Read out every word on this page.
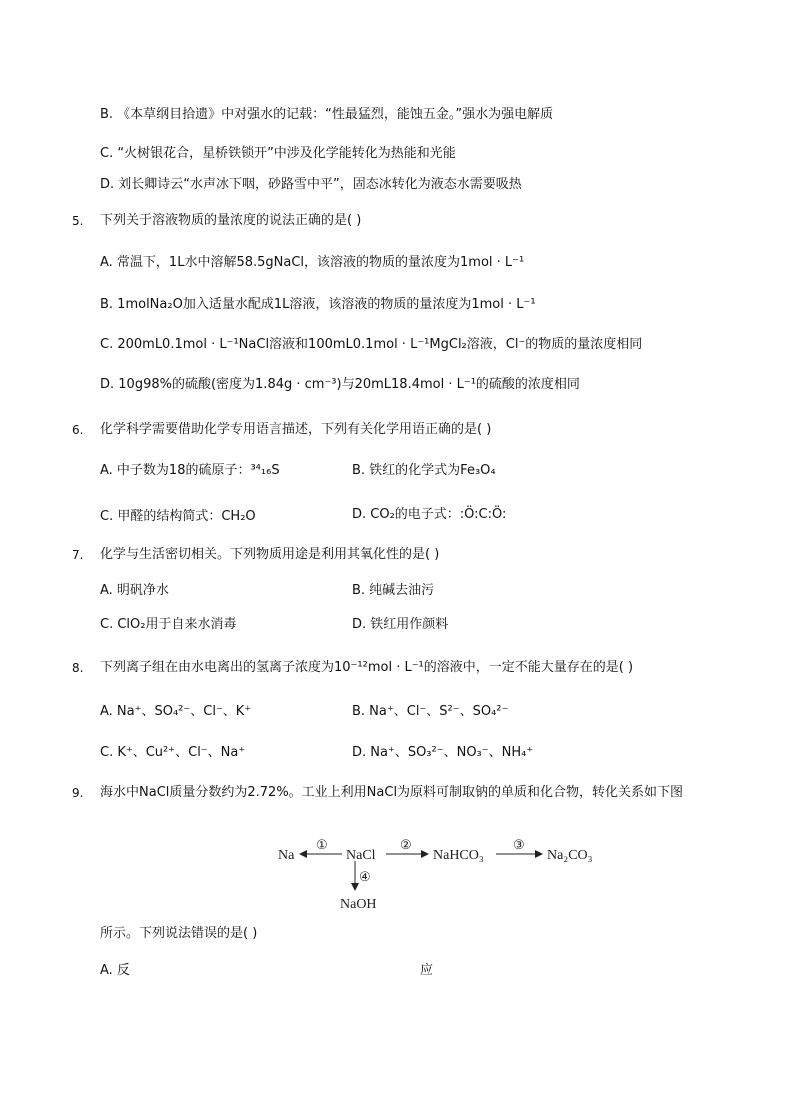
B. 《本草纲目拾遗》中对强水的记载：“性最猛烈，能蚀五金。”强水为强电解质
C. “火树银花合，星桥铁锁开”中涉及化学能转化为热能和光能
D. 刘长卿诗云“水声冰下咽，砂路雪中平”，固态冰转化为液态水需要吸热
5. 下列关于溶液物质的量浓度的说法正确的是( )
A. 常温下，1L水中溶解58.5gNaCl，该溶液的物质的量浓度为1mol · L⁻¹
B. 1molNa₂O加入适量水配成1L溶液，该溶液的物质的量浓度为1mol · L⁻¹
C. 200mL0.1mol · L⁻¹NaCl溶液和100mL0.1mol · L⁻¹MgCl₂溶液，Cl⁻的物质的量浓度相同
D. 10g98%的硫酸(密度为1.84g · cm⁻³)与20mL18.4mol · L⁻¹的硫酸的浓度相同
6. 化学科学需要借助化学专用语言描述，下列有关化学用语正确的是( )
A. 中子数为18的硫原子：³⁴₁₆S	B. 铁红的化学式为Fe₃O₄
C. 甲醛的结构简式：CH₂O	D. CO₂的电子式：:Ö:C:Ö:
7. 化学与生活密切相关。下列物质用途是利用其氧化性的是( )
A. 明矾净水	B. 纯碱去油污
C. ClO₂用于自来水消毒	D. 铁红用作颜料
8. 下列离子组在由水电离出的氢离子浓度为10⁻¹²mol · L⁻¹的溶液中，一定不能大量存在的是( )
A. Na⁺、SO₄²⁻、Cl⁻、K⁺	B. Na⁺、Cl⁻、S²⁻、SO₄²⁻
C. K⁺、Cu²⁺、Cl⁻、Na⁺	D. Na⁺、SO₃²⁻、NO₃⁻、NH₄⁺
9. 海水中NaCl质量分数约为2.72%。工业上利用NaCl为原料可制取钠的单质和化合物，转化关系如下图
Na	NaCl	NaHCO₃	Na₂CO₃
NaOH
①	②	③
④
所示。下列说法错误的是( )
A. 反	应
